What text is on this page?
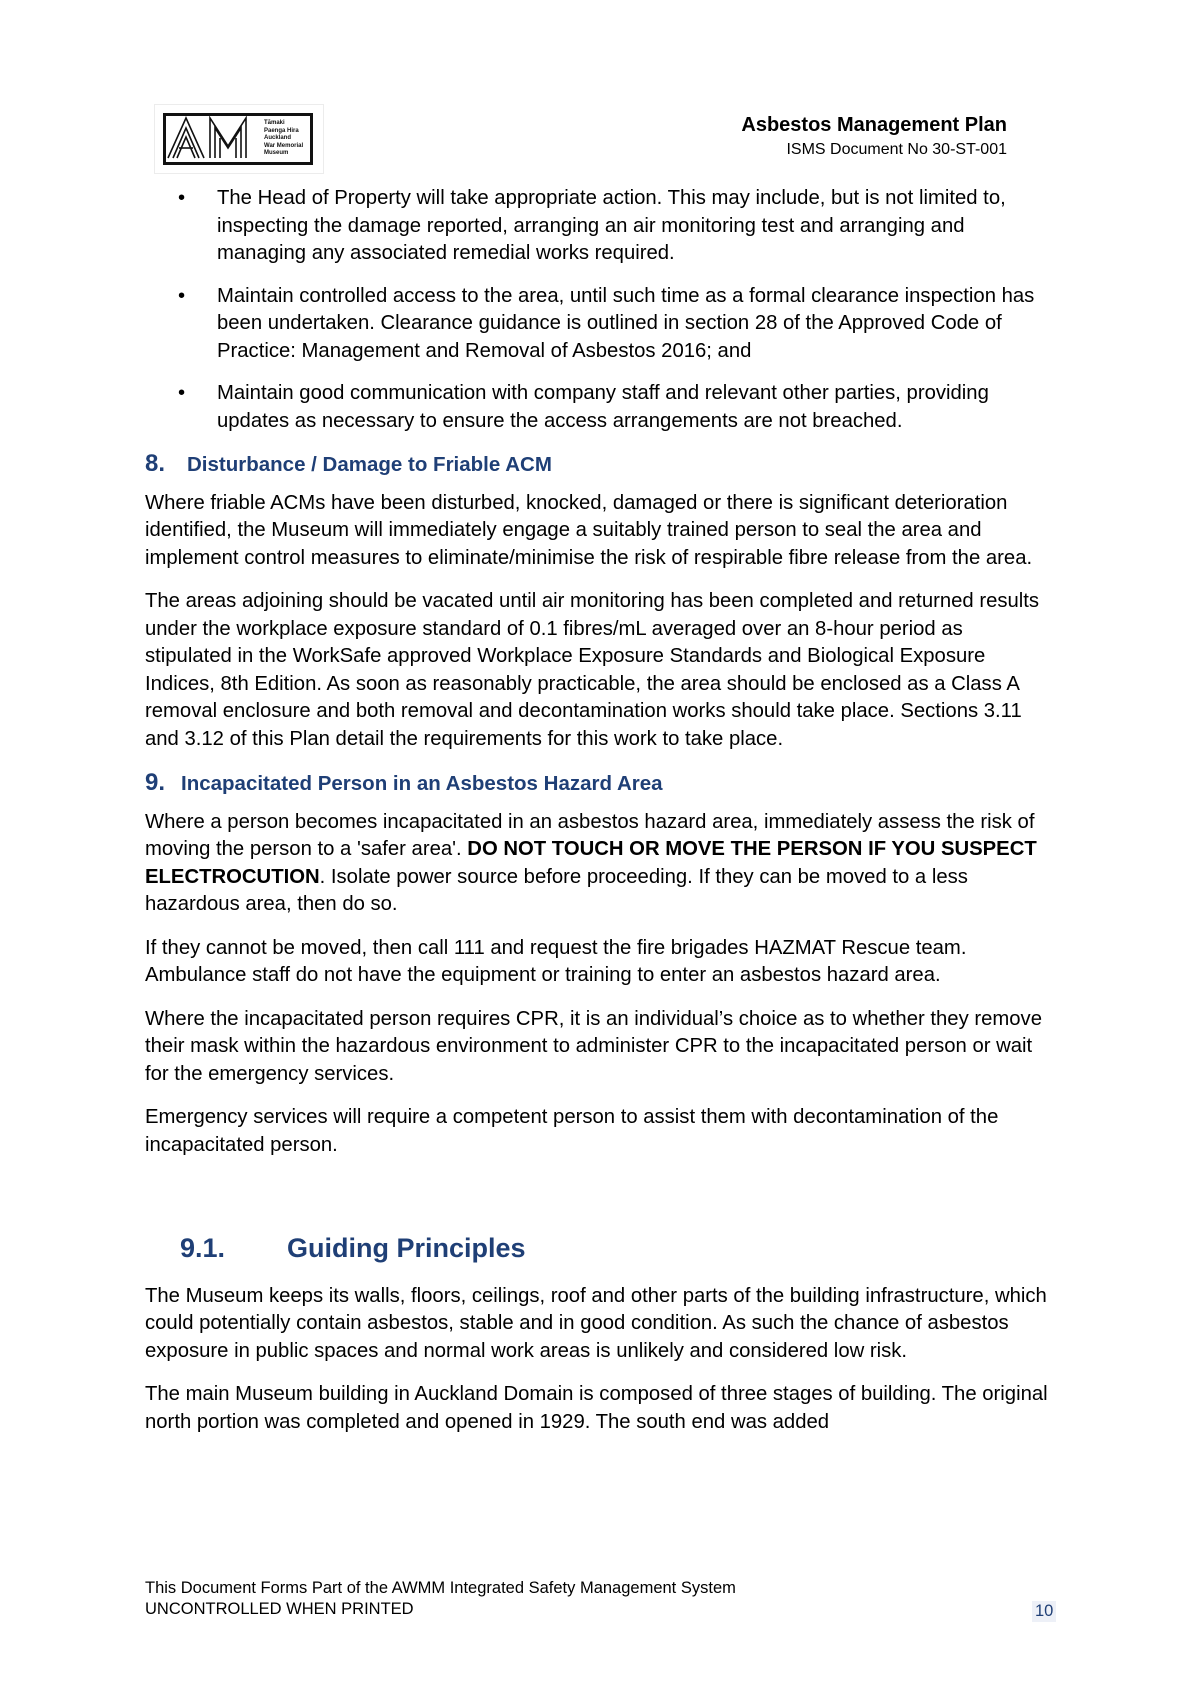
Tāmaki
Paenga Hira
Auckland
War Memorial
Museum
Asbestos Management Plan
ISMS Document No 30-ST-001
• The Head of Property will take appropriate action. This may include, but is not limited to, inspecting the damage reported, arranging an air monitoring test and arranging and managing any associated remedial works required.
• Maintain controlled access to the area, until such time as a formal clearance inspection has been undertaken. Clearance guidance is outlined in section 28 of the Approved Code of Practice: Management and Removal of Asbestos 2016; and
• Maintain good communication with company staff and relevant other parties, providing updates as necessary to ensure the access arrangements are not breached.
8.	Disturbance / Damage to Friable ACM

Where friable ACMs have been disturbed, knocked, damaged or there is significant deterioration identified, the Museum will immediately engage a suitably trained person to seal the area and implement control measures to eliminate/minimise the risk of respirable fibre release from the area.

The areas adjoining should be vacated until air monitoring has been completed and returned results under the workplace exposure standard of 0.1 fibres/mL averaged over an 8-hour period as stipulated in the WorkSafe approved Workplace Exposure Standards and Biological Exposure Indices, 8th Edition. As soon as reasonably practicable, the area should be enclosed as a Class A removal enclosure and both removal and decontamination works should take place. Sections 3.11 and 3.12 of this Plan detail the requirements for this work to take place.

9. Incapacitated Person in an Asbestos Hazard Area

Where a person becomes incapacitated in an asbestos hazard area, immediately assess the risk of moving the person to a 'safer area'. DO NOT TOUCH OR MOVE THE PERSON IF YOU SUSPECT ELECTROCUTION. Isolate power source before proceeding. If they can be moved to a less hazardous area, then do so.

If they cannot be moved, then call 111 and request the fire brigades HAZMAT Rescue team. Ambulance staff do not have the equipment or training to enter an asbestos hazard area.

Where the incapacitated person requires CPR, it is an individual’s choice as to whether they remove their mask within the hazardous environment to administer CPR to the incapacitated person or wait for the emergency services.

Emergency services will require a competent person to assist them with decontamination of the incapacitated person.

9.1.	Guiding Principles

The Museum keeps its walls, floors, ceilings, roof and other parts of the building infrastructure, which could potentially contain asbestos, stable and in good condition. As such the chance of asbestos exposure in public spaces and normal work areas is unlikely and considered low risk.

The main Museum building in Auckland Domain is composed of three stages of building. The original north portion was completed and opened in 1929. The south end was added

This Document Forms Part of the AWMM Integrated Safety Management System
UNCONTROLLED WHEN PRINTED	10
